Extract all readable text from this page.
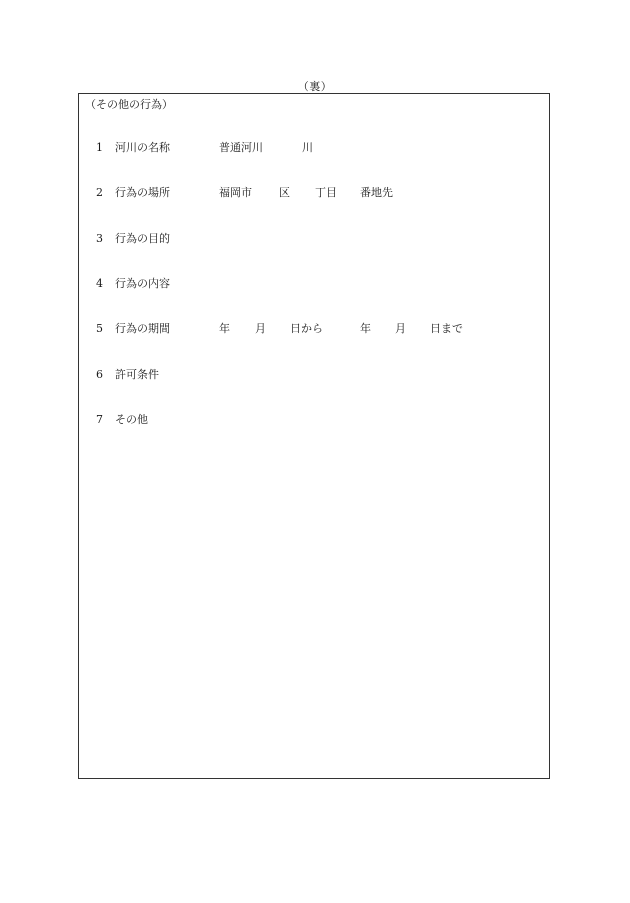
（裏）
（その他の行為）
1	河川の名称	普通河川	川
2	行為の場所	福岡市 区 丁目 番地先
3	行為の目的
4	行為の内容
5	行為の期間	年 月 日から	年 月 日まで
6	許可条件
7	その他
